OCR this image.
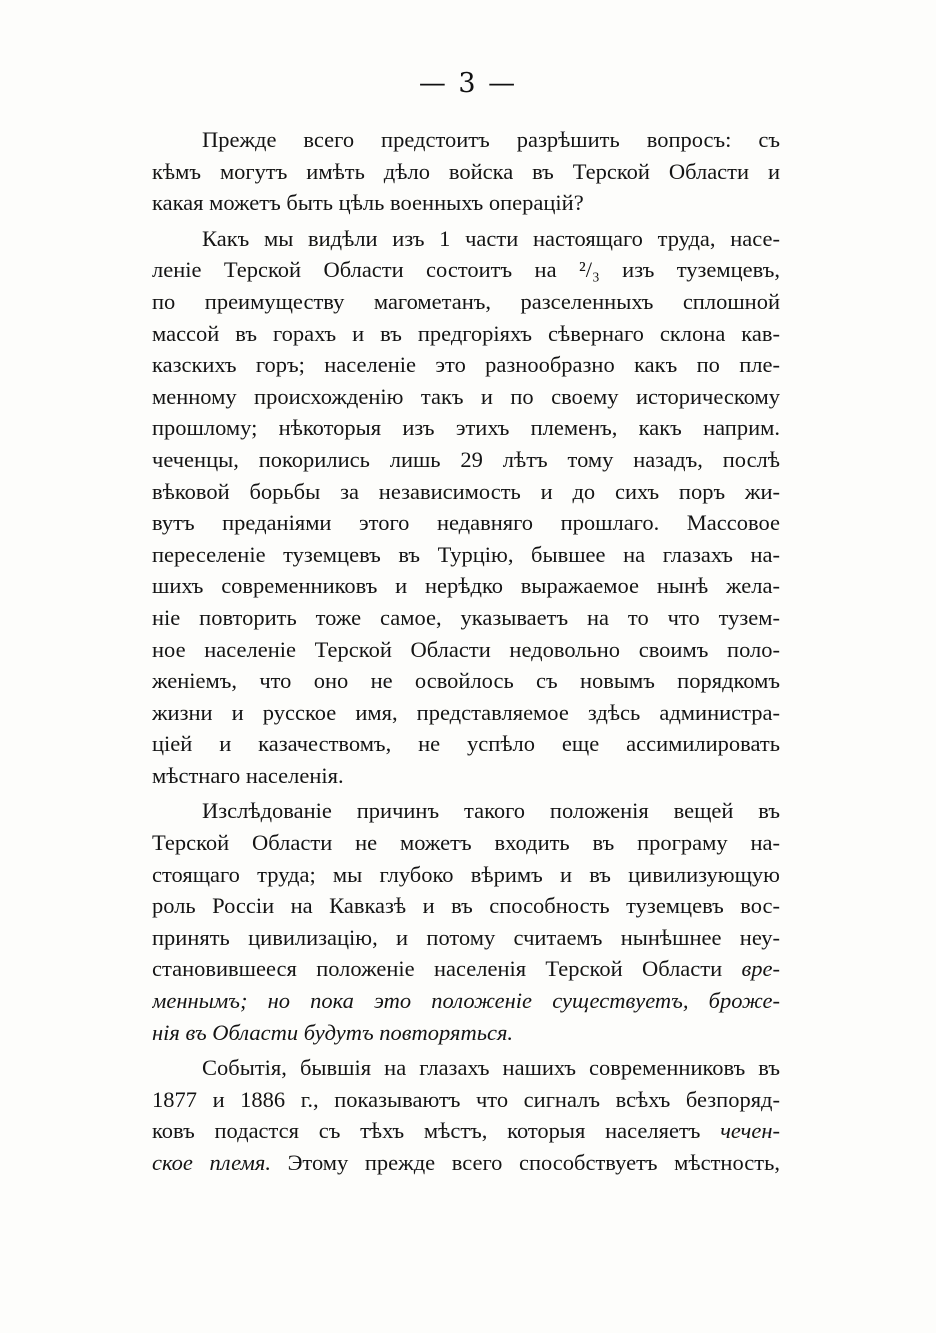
— 3 —
Прежде всего предстоитъ разрѣшить вопросъ: съ
кѣмъ могутъ имѣть дѣло войска въ Терской Области и
какая можетъ быть цѣль военныхъ операцій?
Какъ мы видѣли изъ 1 части настоящаго труда, насе-
леніе Терской Области состоитъ на ²/₃ изъ туземцевъ,
по преимуществу магометанъ, разселенныхъ сплошной
массой въ горахъ и въ предгоріяхъ сѣвернаго склона кав-
казскихъ горъ; населеніе это разнообразно какъ по пле-
менному происхожденію такъ и по своему историческому
прошлому; нѣкоторыя изъ этихъ племенъ, какъ наприм.
чеченцы, покорились лишь 29 лѣтъ тому назадъ, послѣ
вѣковой борьбы за независимость и до сихъ поръ жи-
вутъ преданіями этого недавняго прошлаго. Массовое
переселеніе туземцевъ въ Турцію, бывшее на глазахъ на-
шихъ современниковъ и нерѣдко выражаемое нынѣ жела-
ніе повторить тоже самое, указываетъ на то что тузем-
ное населеніе Терской Области недовольно своимъ поло-
женіемъ, что оно не освойлось съ новымъ порядкомъ
жизни и русское имя, представляемое здѣсь администра-
ціей и казачествомъ, не успѣло еще ассимилировать
мѣстнаго населенія.
Изслѣдованіе причинъ такого положенія вещей въ
Терской Области не можетъ входить въ програму на-
стоящаго труда; мы глубоко вѣримъ и въ цивилизующую
роль Россіи на Кавказѣ и въ способность туземцевъ вос-
принять цивилизацію, и потому считаемъ нынѣшнее неу-
становившееся положеніе населенія Терской Области вре-
меннымъ; но пока это положеніе существуетъ, броже-
нія въ Области будутъ повторяться.
Событія, бывшія на глазахъ нашихъ современниковъ въ
1877 и 1886 г., показываютъ что сигналъ всѣхъ безпоряд-
ковъ подастся съ тѣхъ мѣстъ, которыя населяетъ чечен-
ское племя. Этому прежде всего способствуетъ мѣстность,
